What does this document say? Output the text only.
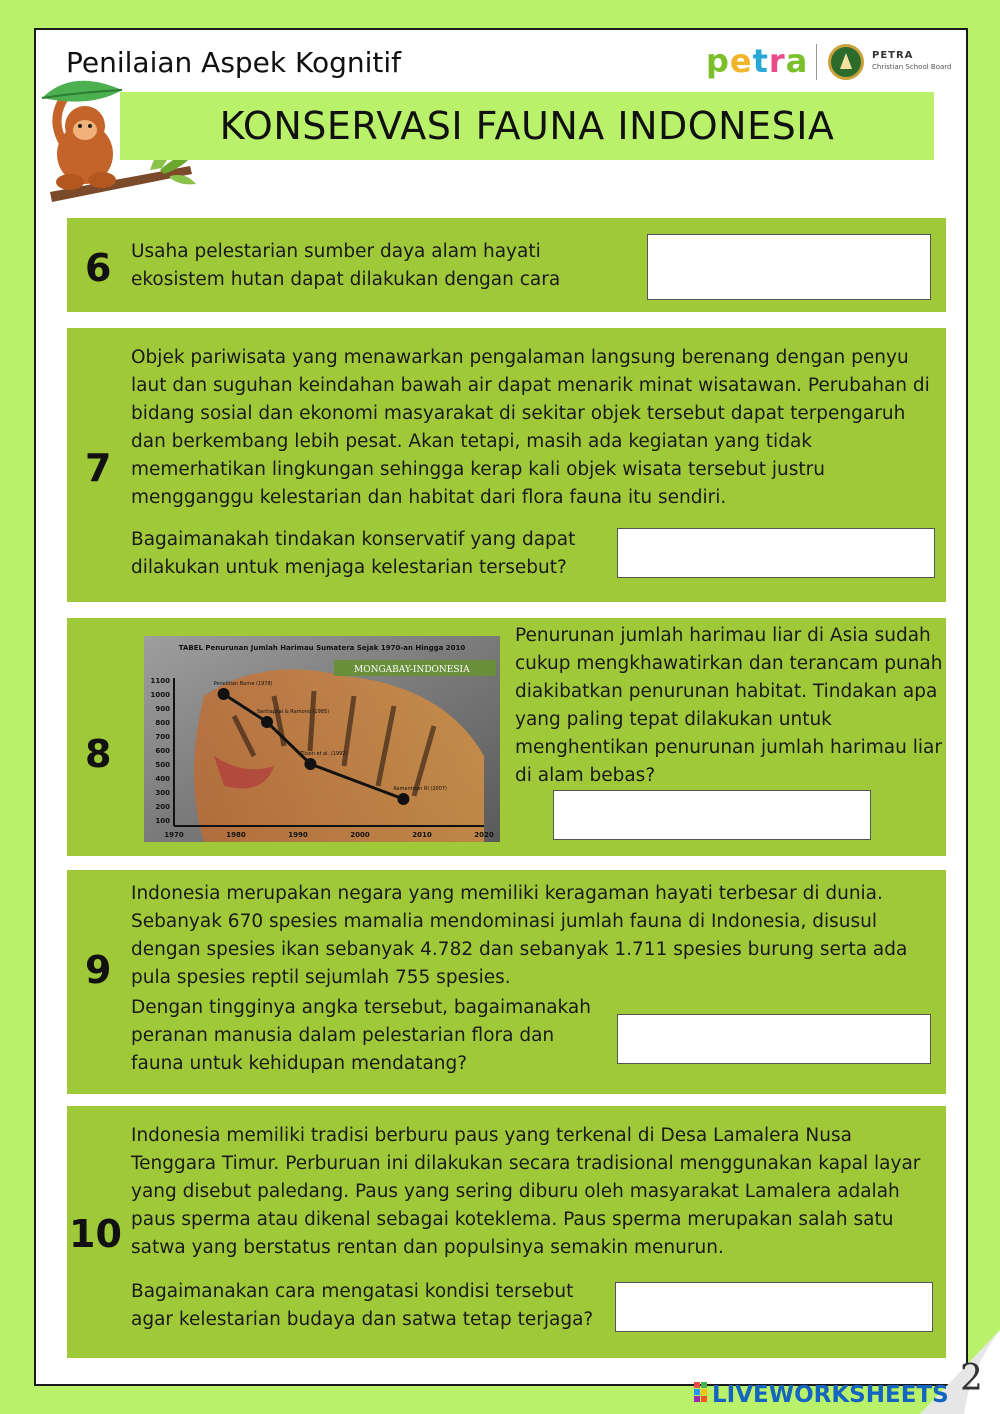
Penilaian Aspek Kognitif	petra	PETRA
Christian School Board
KONSERVASI FAUNA INDONESIA
6 Usaha pelestarian sumber daya alam hayati ekosistem hutan dapat dilakukan dengan cara
7
Objek pariwisata yang menawarkan pengalaman langsung berenang dengan penyu laut dan suguhan keindahan bawah air dapat menarik minat wisatawan. Perubahan di bidang sosial dan ekonomi masyarakat di sekitar objek tersebut dapat terpengaruh dan berkembang lebih pesat. Akan tetapi, masih ada kegiatan yang tidak memerhatikan lingkungan sehingga kerap kali objek wisata tersebut justru mengganggu kelestarian dan habitat dari flora fauna itu sendiri.
Bagaimanakah tindakan konservatif yang dapat dilakukan untuk menjaga kelestarian tersebut?
8
Penurunan jumlah harimau liar di Asia sudah cukup mengkhawatirkan dan terancam punah diakibatkan penurunan habitat. Tindakan apa yang paling tepat dilakukan untuk menghentikan penurunan jumlah harimau liar di alam bebas?
MONGABAY-INDONESIA
TABEL Penurunan Jumlah Harimau Sumatera Sejak 1970-an Hingga 2010
100
200
300
400
500
600
700
800
900
1000
1100
1970	1980	1990	2000	2010	2020
Penelitian Borne (1978)
Santiapilai & Ramono (1985)
Tilson et al. (1992)
Kementrian RI (2007)
9
Indonesia merupakan negara yang memiliki keragaman hayati terbesar di dunia. Sebanyak 670 spesies mamalia mendominasi jumlah fauna di Indonesia, disusul dengan spesies ikan sebanyak 4.782 dan sebanyak 1.711 spesies burung serta ada pula spesies reptil sejumlah 755 spesies.
Dengan tingginya angka tersebut, bagaimanakah peranan manusia dalam pelestarian flora dan fauna untuk kehidupan mendatang?
10
Indonesia memiliki tradisi berburu paus yang terkenal di Desa Lamalera Nusa Tenggara Timur. Perburuan ini dilakukan secara tradisional menggunakan kapal layar yang disebut paledang. Paus yang sering diburu oleh masyarakat Lamalera adalah paus sperma atau dikenal sebagai koteklema. Paus sperma merupakan salah satu satwa yang berstatus rentan dan populsinya semakin menurun.
Bagaimanakan cara mengatasi kondisi tersebut agar kelestarian budaya dan satwa tetap terjaga?
2
LIVEWORKSHEETS
